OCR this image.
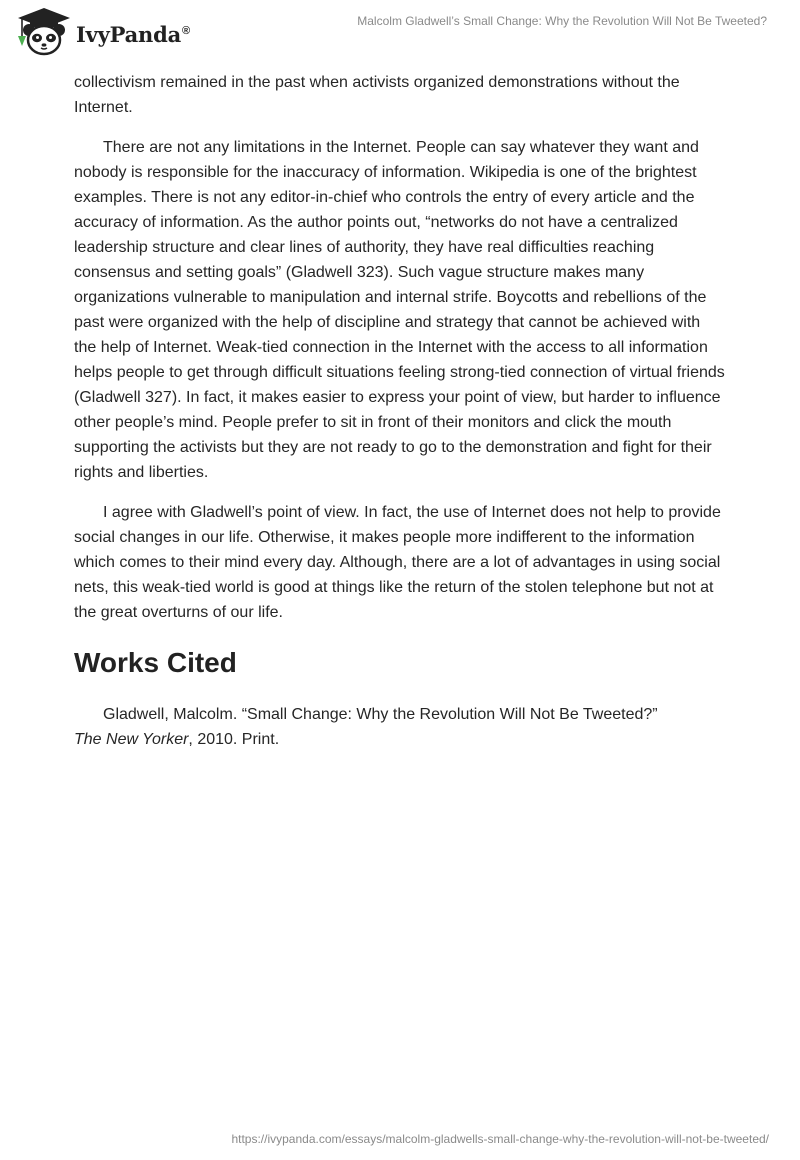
IvyPanda®
Malcolm Gladwell’s Small Change: Why the Revolution Will Not Be Tweeted?

collectivism remained in the past when activists organized demonstrations without the Internet.

There are not any limitations in the Internet. People can say whatever they want and nobody is responsible for the inaccuracy of information. Wikipedia is one of the brightest examples. There is not any editor-in-chief who controls the entry of every article and the accuracy of information. As the author points out, “networks do not have a centralized leadership structure and clear lines of authority, they have real difficulties reaching consensus and setting goals” (Gladwell 323). Such vague structure makes many organizations vulnerable to manipulation and internal strife. Boycotts and rebellions of the past were organized with the help of discipline and strategy that cannot be achieved with the help of Internet. Weak-tied connection in the Internet with the access to all information helps people to get through difficult situations feeling strong-tied connection of virtual friends (Gladwell 327). In fact, it makes easier to express your point of view, but harder to influence other people’s mind. People prefer to sit in front of their monitors and click the mouth supporting the activists but they are not ready to go to the demonstration and fight for their rights and liberties.

I agree with Gladwell’s point of view. In fact, the use of Internet does not help to provide social changes in our life. Otherwise, it makes people more indifferent to the information which comes to their mind every day. Although, there are a lot of advantages in using social nets, this weak-tied world is good at things like the return of the stolen telephone but not at the great overturns of our life.

Works Cited

Gladwell, Malcolm. “Small Change: Why the Revolution Will Not Be Tweeted?”
The New Yorker, 2010. Print.

https://ivypanda.com/essays/malcolm-gladwells-small-change-why-the-revolution-will-not-be-tweeted/
